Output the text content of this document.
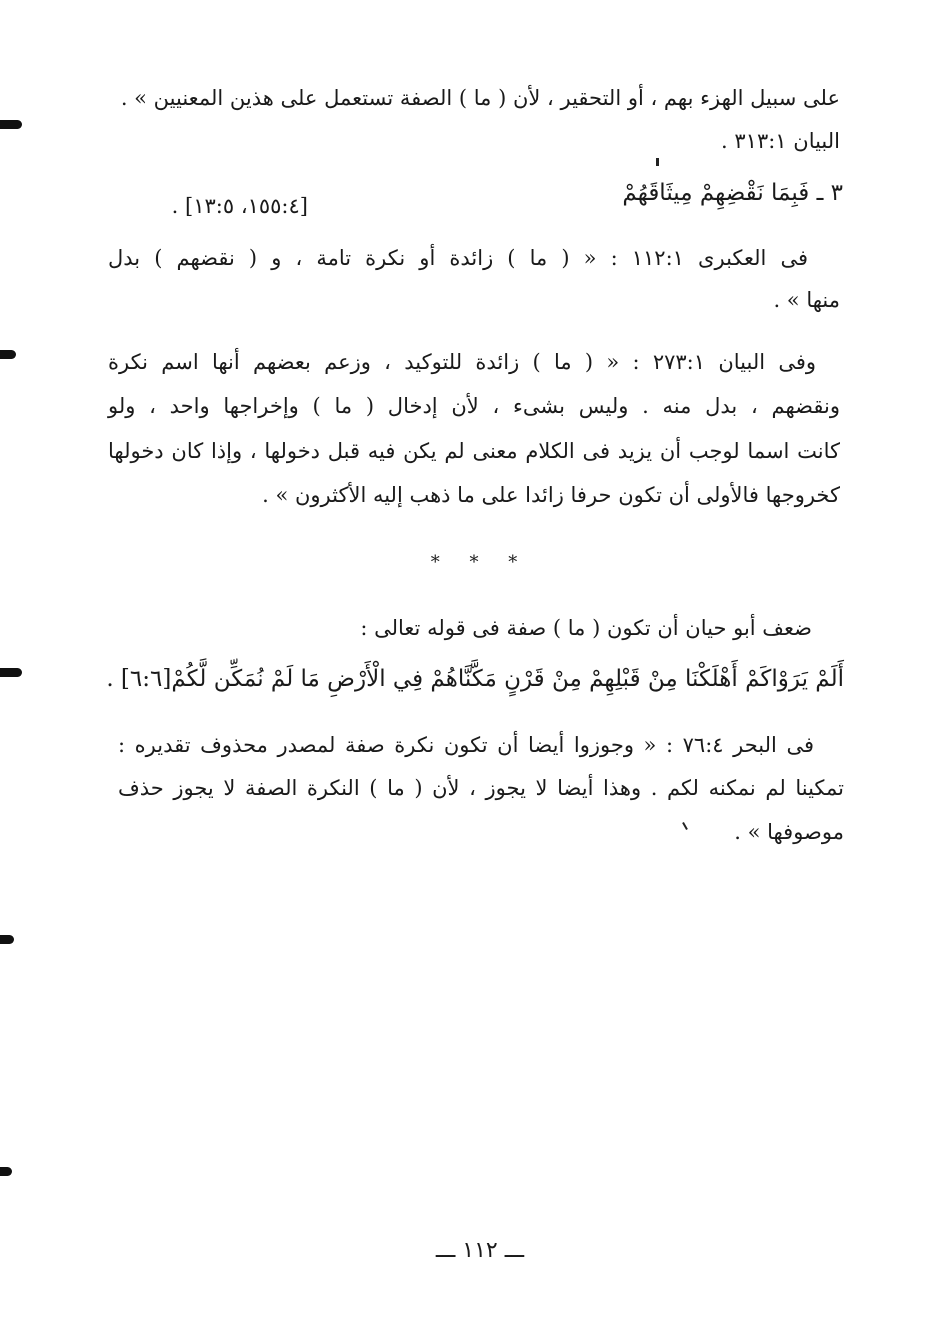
على سبيل الهزء بهم ، أو التحقير ، لأن ( ما ) الصفة تستعمل على هذين المعنيين » .
البيان ٣١٣:١ .
٣ ـ فَبِمَا نَقْضِهِمْ مِيثَاقَهُمْ
[١٥٥:٤، ١٣:٥] .
فى العكبرى ١١٢:١ : « ( ما ) زائدة أو نكرة تامة ، و ( نقضهم ) بدل
منها » .
وفى البيان ٢٧٣:١ : « ( ما ) زائدة للتوكيد ، وزعم بعضهم أنها اسم نكرة
ونقضهم ، بدل منه . وليس بشىء ، لأن إدخال ( ما ) وإخراجها واحد ، ولو
كانت اسما لوجب أن يزيد فى الكلام معنى لم يكن فيه قبل دخولها ، وإذا كان دخولها
كخروجها فالأولى أن تكون حرفا زائدا على ما ذهب إليه الأكثرون » .
* * *
ضعف أبو حيان أن تكون ( ما ) صفة فى قوله تعالى :
أَلَمْ يَرَوْاكَمْ أَهْلَكْنَا مِنْ قَبْلِهِمْ مِنْ قَرْنٍ مَكَّنَّاهُمْ فِي الْأَرْضِ مَا لَمْ نُمَكِّن لَّكُمْ[٦:٦] .
فى البحر ٧٦:٤ : « وجوزوا أيضا أن تكون نكرة صفة لمصدر محذوف تقديره :
تمكينا لم نمكنه لكم . وهذا أيضا لا يجوز ، لأن ( ما ) النكرة الصفة لا يجوز حذف
موصوفها » .
ـــ ١١٢ ـــ
